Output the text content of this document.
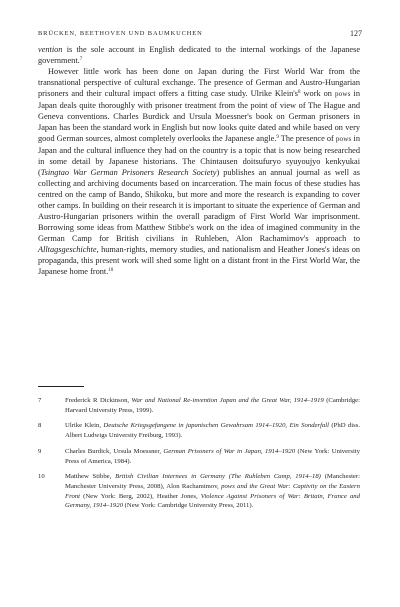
BRÜCKEN, BEETHOVEN UND BAUMKUCHEN	127

vention is the sole account in English dedicated to the internal workings of the Japanese government.$^7$

However little work has been done on Japan during the First World War from the transnational perspective of cultural exchange. The presence of German and Austro-Hungarian prisoners and their cultural impact offers a fitting case study. Ulrike $Klein's^8$ work on pows in Japan deals quite thoroughly with prisoner treatment from the point of view of The Hague and Geneva conventions. Charles Burdick and Ursula Moessner's book on German prisoners in Japan has been the standard work in English but now looks quite dated and while based on very good German sources, almost completely overlooks the Japanese angle.$^9$ The presence of pows in Japan and the cultural influence they had on the country is a topic that is now being researched in some detail by Japanese historians. The Chintausen doitsufuryo syuyoujyo kenkyukai (Tsingtao War German Prisoners Research Society) publishes an annual journal as well as collecting and archiving documents based on incarceration. The main focus of these studies has centred on the camp of Bando, Shikoku, but more and more the research is expanding to cover other camps. In building on their research it is important to situate the experience of German and Austro-Hungarian prisoners within the overall paradigm of First World War imprisonment. Borrowing some ideas from Matthew Stibbe's work on the idea of imagined community in the German Camp for British civilians in Ruhleben, Alon Rachamimov's approach to Alltagsgeschichte, human-rights, memory studies, and nationalism and Heather Jones's ideas on propaganda, this present work will shed some light on a distant front in the First World War, the Japanese home front.$^{10}$

7	Frederick R Dickinson, War and National Re-invention Japan and the Great War, 1914–1919 (Cambridge: Harvard University Press, 1999).
8	Ulrike Klein, Deutsche Kriegsgefangene in japanischen Gewahrsam 1914–1920, Ein Sonderfall (PhD diss. Albert Ludwigs University Freiburg, 1993).
9	Charles Burdick, Ursula Moessner, German Prisoners of War in Japan, 1914–1920 (New York: University Press of America, 1984).
10	Matthew Stibbe, British Civilian Internees in Germany (The Ruhleben Camp, 1914–18) (Manchester: Manchester University Press, 2008), Alon Rachamimov, pows and the Great War: Captivity on the Eastern Front (New York: Berg, 2002), Heather Jones, Violence Against Prisoners of War: Britain, France and Germany, 1914–1920 (New York: Cambridge University Press, 2011).
